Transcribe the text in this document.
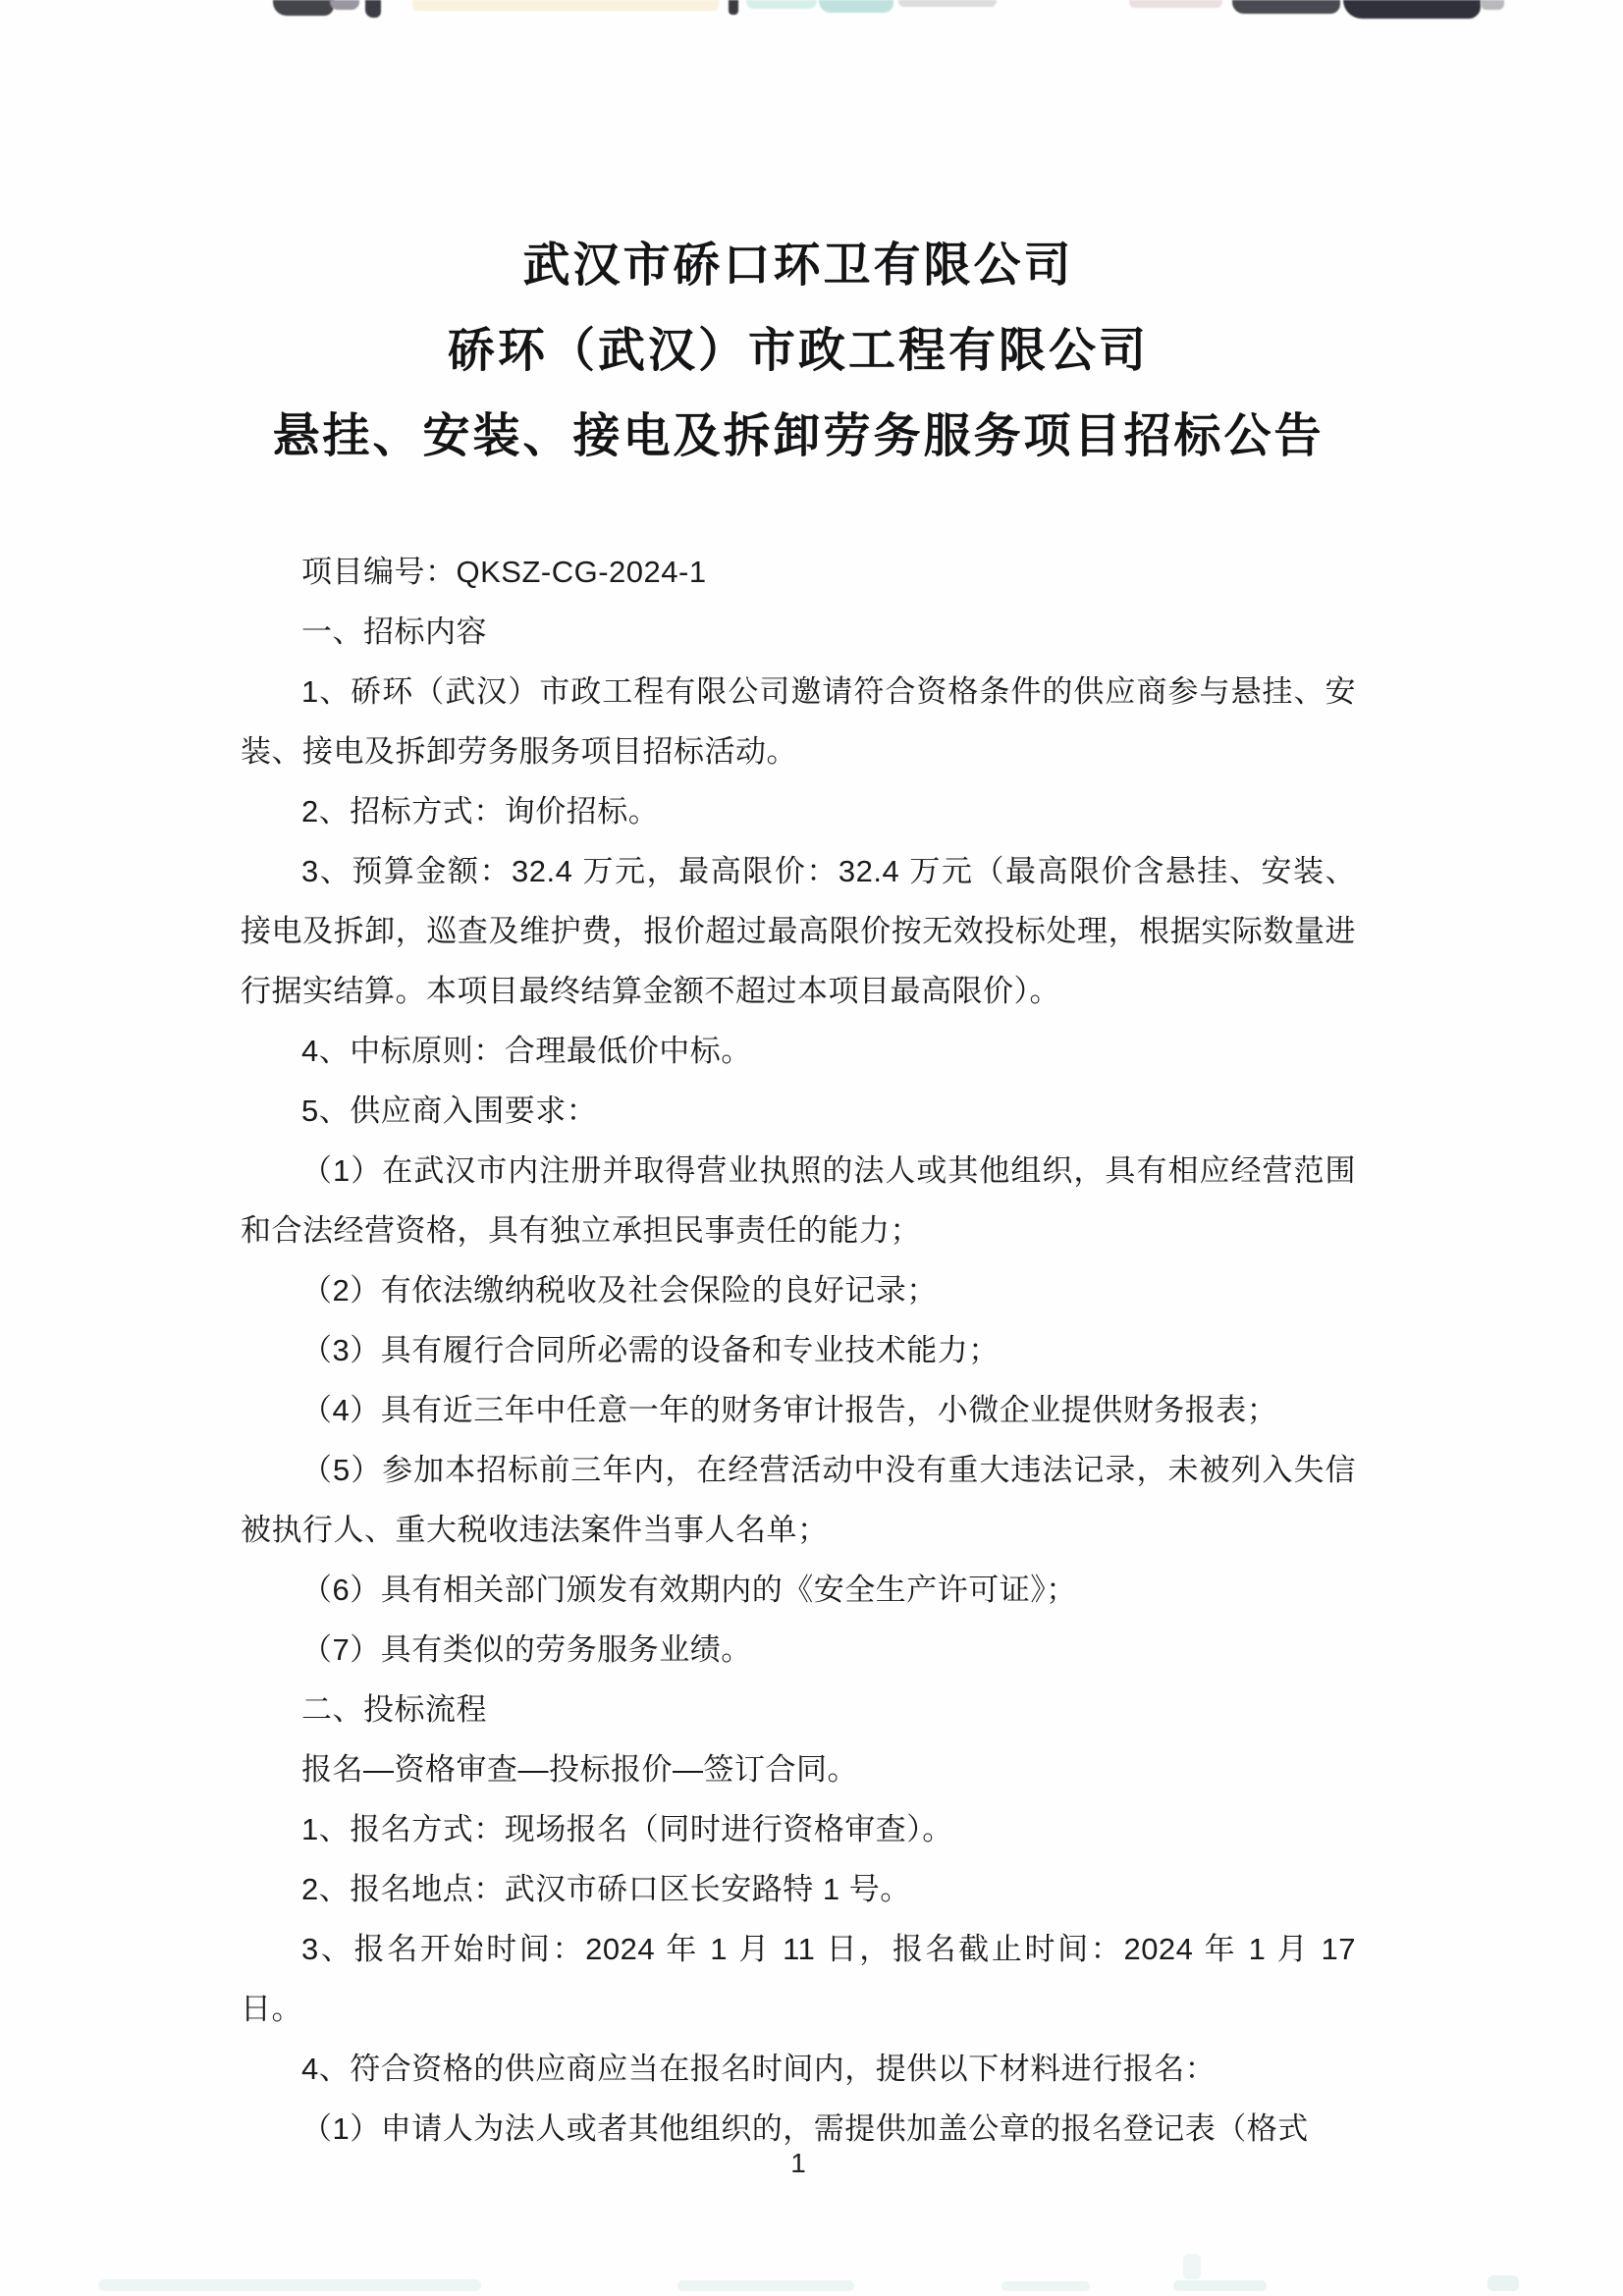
武汉市硚口环卫有限公司
硚环（武汉）市政工程有限公司
悬挂、安装、接电及拆卸劳务服务项目招标公告

项目编号：QKSZ-CG-2024-1

一、招标内容

1、硚环（武汉）市政工程有限公司邀请符合资格条件的供应商参与悬挂、安装、接电及拆卸劳务服务项目招标活动。

2、招标方式：询价招标。

3、预算金额：32.4 万元，最高限价：32.4 万元（最高限价含悬挂、安装、接电及拆卸，巡查及维护费，报价超过最高限价按无效投标处理，根据实际数量进行据实结算。本项目最终结算金额不超过本项目最高限价）。

4、中标原则：合理最低价中标。

5、供应商入围要求：

（1）在武汉市内注册并取得营业执照的法人或其他组织，具有相应经营范围和合法经营资格，具有独立承担民事责任的能力；

（2）有依法缴纳税收及社会保险的良好记录；

（3）具有履行合同所必需的设备和专业技术能力；

（4）具有近三年中任意一年的财务审计报告，小微企业提供财务报表；

（5）参加本招标前三年内，在经营活动中没有重大违法记录，未被列入失信被执行人、重大税收违法案件当事人名单；

（6）具有相关部门颁发有效期内的《安全生产许可证》；

（7）具有类似的劳务服务业绩。

二、投标流程

报名—资格审查—投标报价—签订合同。

1、报名方式：现场报名（同时进行资格审查）。

2、报名地点：武汉市硚口区长安路特 1 号。

3、报名开始时间：2024 年 1 月 11 日，报名截止时间：2024 年 1 月 17 日。

4、符合资格的供应商应当在报名时间内，提供以下材料进行报名：

（1）申请人为法人或者其他组织的，需提供加盖公章的报名登记表（格式

1
